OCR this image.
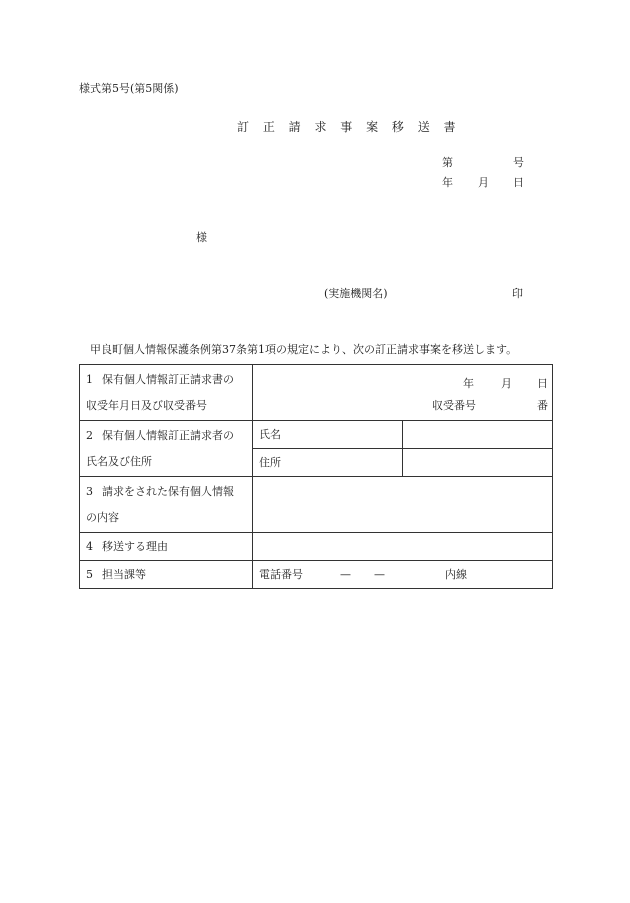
様式第5号(第5関係)
訂 正 請 求 事 案 移 送 書
第	号
年 月 日
様
(実施機関名)	印
甲良町個人情報保護条例第37条第1項の規定により、次の訂正請求事案を移送します。
1 保有個人情報訂正請求書の
収受年月日及び収受番号	年 月 日
収受番号 番	

2 保有個人情報訂正請求者の
氏名及び住所	氏名	
	住所	
3 請求をされた保有個人情報
の内容		
4 移送する理由		
5 担当課等	電話番号 — — 内線	
